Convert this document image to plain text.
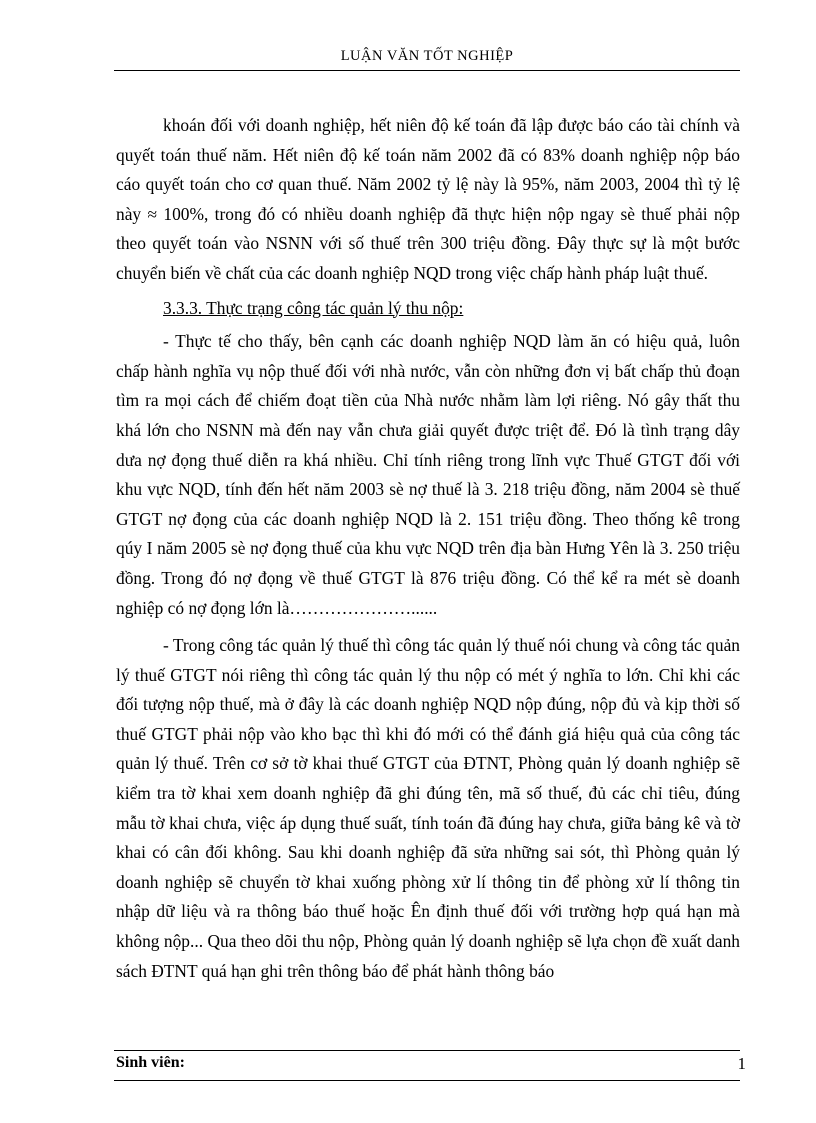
LUẬN VĂN TỐT NGHIỆP

khoán đối với doanh nghiệp, hết niên độ kế toán đã lập được báo cáo tài chính và quyết toán thuế năm. Hết niên độ kế toán năm 2002 đã có 83% doanh nghiệp nộp báo cáo quyết toán cho cơ quan thuế. Năm 2002 tỷ lệ này là 95%, năm 2003, 2004 thì tỷ lệ này ≈ 100%, trong đó có nhiều doanh nghiệp đã thực hiện nộp ngay sè thuế phải nộp theo quyết toán vào NSNN với số thuế trên 300 triệu đồng. Đây thực sự là một bước chuyển biến về chất của các doanh nghiệp NQD trong việc chấp hành pháp luật thuế.

3.3.3. Thực trạng công tác quản lý thu nộp:

- Thực tế cho thấy, bên cạnh các doanh nghiệp NQD làm ăn có hiệu quả, luôn chấp hành nghĩa vụ nộp thuế đối với nhà nước, vẫn còn những đơn vị bất chấp thủ đoạn tìm ra mọi cách để chiếm đoạt tiền của Nhà nước nhằm làm lợi riêng. Nó gây thất thu khá lớn cho NSNN mà đến nay vẫn chưa giải quyết được triệt để. Đó là tình trạng dây dưa nợ đọng thuế diễn ra khá nhiều. Chỉ tính riêng trong lĩnh vực Thuế GTGT đối với khu vực NQD, tính đến hết năm 2003 sè nợ thuế là 3. 218 triệu đồng, năm 2004 sè thuế GTGT nợ đọng của các doanh nghiệp NQD là 2. 151 triệu đồng. Theo thống kê trong qúy I năm 2005 sè nợ đọng thuế của khu vực NQD trên địa bàn Hưng Yên là 3. 250 triệu đồng. Trong đó nợ đọng về thuế GTGT là 876 triệu đồng. Có thể kể ra mét sè doanh nghiệp có nợ đọng lớn là…………………......

- Trong công tác quản lý thuế thì công tác quản lý thuế nói chung và công tác quản lý thuế GTGT nói riêng thì công tác quản lý thu nộp có mét ý nghĩa to lớn. Chỉ khi các đối tượng nộp thuế, mà ở đây là các doanh nghiệp NQD nộp đúng, nộp đủ và kịp thời số thuế GTGT phải nộp vào kho bạc thì khi đó mới có thể đánh giá hiệu quả của công tác quản lý thuế. Trên cơ sở tờ khai thuế GTGT của ĐTNT, Phòng quản lý doanh nghiệp sẽ kiểm tra tờ khai xem doanh nghiệp đã ghi đúng tên, mã số thuế, đủ các chỉ tiêu, đúng mẫu tờ khai chưa, việc áp dụng thuế suất, tính toán đã đúng hay chưa, giữa bảng kê và tờ khai có cân đối không. Sau khi doanh nghiệp đã sửa những sai sót, thì Phòng quản lý doanh nghiệp sẽ chuyển tờ khai xuống phòng xử lí thông tin để phòng xử lí thông tin nhập dữ liệu và ra thông báo thuế hoặc Ên định thuế đối với trường hợp quá hạn mà không nộp... Qua theo dõi thu nộp, Phòng quản lý doanh nghiệp sẽ lựa chọn đề xuất danh sách ĐTNT quá hạn ghi trên thông báo để phát hành thông báo

Sinh viên:	1
